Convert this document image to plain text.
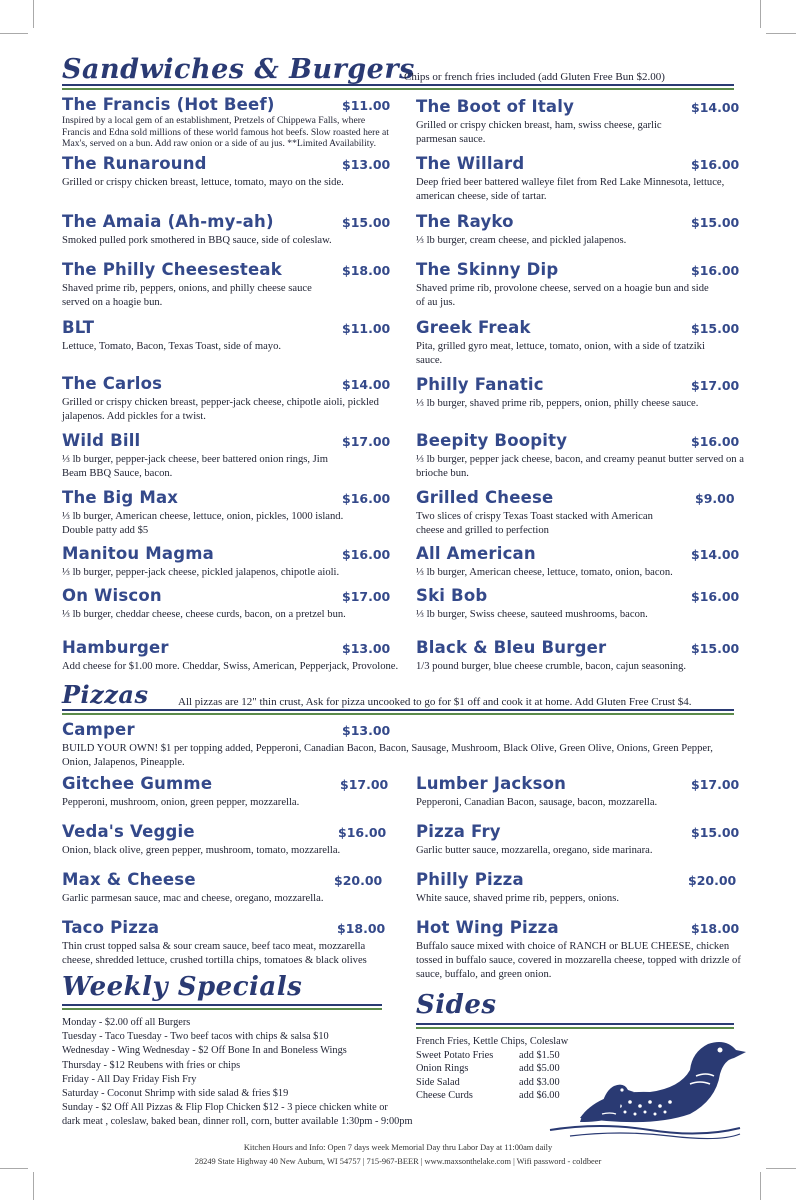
Sandwiches & Burgers
Chips or french fries included (add Gluten Free Bun $2.00)
The Francis (Hot Beef)	$11.00
Inspired by a local gem of an establishment, Pretzels of Chippewa Falls, where Francis and Edna sold millions of these world famous hot beefs. Slow roasted here at Max's, served on a bun. Add raw onion or a side of au jus. **Limited Availability.
The Runaround	$13.00
Grilled or crispy chicken breast, lettuce, tomato, mayo on the side.
The Amaia (Ah-my-ah)	$15.00
Smoked pulled pork smothered in BBQ sauce, side of coleslaw.
The Philly Cheesesteak	$18.00
Shaved prime rib, peppers, onions, and philly cheese sauce served on a hoagie bun.
BLT	$11.00
Lettuce, Tomato, Bacon, Texas Toast, side of mayo.
The Carlos	$14.00
Grilled or crispy chicken breast, pepper-jack cheese, chipotle aioli, pickled jalapenos. Add pickles for a twist.
Wild Bill	$17.00
⅓ lb burger, pepper-jack cheese, beer battered onion rings, Jim Beam BBQ Sauce, bacon.
The Big Max	$16.00
⅓ lb burger, American cheese, lettuce, onion, pickles, 1000 island. Double patty add $5
Manitou Magma	$16.00
⅓ lb burger, pepper-jack cheese, pickled jalapenos, chipotle aioli.
On Wiscon	$17.00
⅓ lb burger, cheddar cheese, cheese curds, bacon, on a pretzel bun.
Hamburger	$13.00
Add cheese for $1.00 more. Cheddar, Swiss, American, Pepperjack, Provolone.
The Boot of Italy	$14.00
Grilled or crispy chicken breast, ham, swiss cheese, garlic parmesan sauce.
The Willard	$16.00
Deep fried beer battered walleye filet from Red Lake Minnesota, lettuce, american cheese, side of tartar.
The Rayko	$15.00
⅓ lb burger, cream cheese, and pickled jalapenos.
The Skinny Dip	$16.00
Shaved prime rib, provolone cheese, served on a hoagie bun and side of au jus.
Greek Freak	$15.00
Pita, grilled gyro meat, lettuce, tomato, onion, with a side of tzatziki sauce.
Philly Fanatic	$17.00
⅓ lb burger, shaved prime rib, peppers, onion, philly cheese sauce.
Beepity Boopity	$16.00
⅓ lb burger, pepper jack cheese, bacon, and creamy peanut butter served on a brioche bun.
Grilled Cheese	$9.00
Two slices of crispy Texas Toast stacked with American cheese and grilled to perfection
All American	$14.00
⅓ lb burger, American cheese, lettuce, tomato, onion, bacon.
Ski Bob	$16.00
⅓ lb burger, Swiss cheese, sauteed mushrooms, bacon.
Black & Bleu Burger	$15.00
1/3 pound burger, blue cheese crumble, bacon, cajun seasoning.
Pizzas	All pizzas are 12" thin crust, Ask for pizza uncooked to go for $1 off and cook it at home. Add Gluten Free Crust $4.
Camper	$13.00
BUILD YOUR OWN! $1 per topping added, Pepperoni, Canadian Bacon, Bacon, Sausage, Mushroom, Black Olive, Green Olive, Onions, Green Pepper, Onion, Jalapenos, Pineapple.
Gitchee Gumme	$17.00
Pepperoni, mushroom, onion, green pepper, mozzarella.
Veda's Veggie	$16.00
Onion, black olive, green pepper, mushroom, tomato, mozzarella.
Max & Cheese	$20.00
Garlic parmesan sauce, mac and cheese, oregano, mozzarella.
Taco Pizza	$18.00
Thin crust topped salsa & sour cream sauce, beef taco meat, mozzarella cheese, shredded lettuce, crushed tortilla chips, tomatoes & black olives
Lumber Jackson	$17.00
Pepperoni, Canadian Bacon, sausage, bacon, mozzarella.
Pizza Fry	$15.00
Garlic butter sauce, mozzarella, oregano, side marinara.
Philly Pizza	$20.00
White sauce, shaved prime rib, peppers, onions.
Hot Wing Pizza	$18.00
Buffalo sauce mixed with choice of RANCH or BLUE CHEESE, chicken tossed in buffalo sauce, covered in mozzarella cheese, topped with drizzle of sauce, buffalo, and green onion.
Weekly Specials
Monday - $2.00 off all Burgers
Tuesday - Taco Tuesday - Two beef tacos with chips & salsa $10
Wednesday - Wing Wednesday - $2 Off Bone In and Boneless Wings
Thursday - $12 Reubens with fries or chips
Friday - All Day Friday Fish Fry
Saturday - Coconut Shrimp with side salad & fries $19
Sunday - $2 Off All Pizzas & Flip Flop Chicken $12 - 3 piece chicken white or
dark meat , coleslaw, baked bean, dinner roll, corn, butter available 1:30pm - 9:00pm
Sides
French Fries, Kettle Chips, Coleslaw
Sweet Potato Fries	add $1.50
Onion Rings	add $5.00
Side Salad	add $3.00
Cheese Curds	add $6.00
Kitchen Hours and Info: Open 7 days week Memorial Day thru Labor Day at 11:00am daily
28249 State Highway 40 New Auburn, WI 54757 | 715-967-BEER | www.maxsonthelake.com | Wifi password - coldbeer
